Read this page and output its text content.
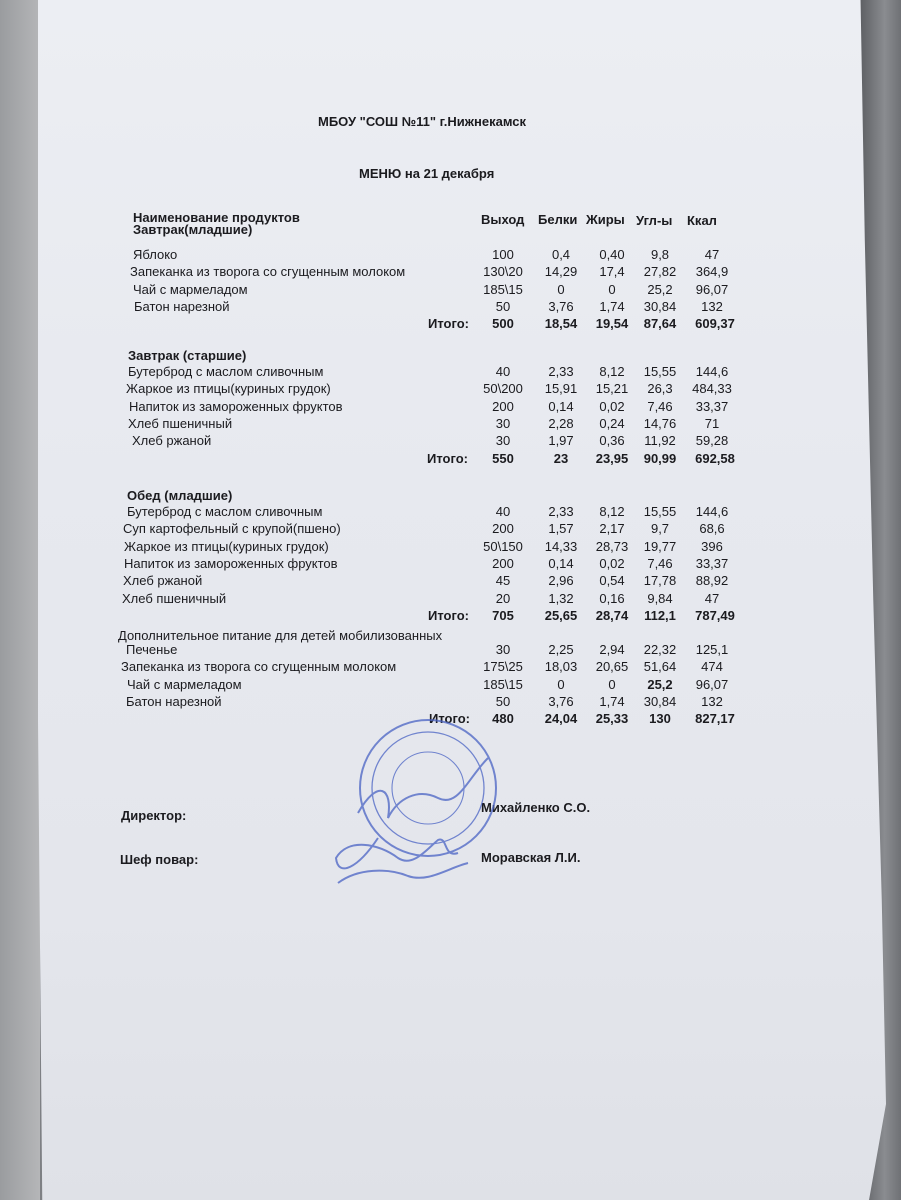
МБОУ "СОШ №11" г.Нижнекамск
МЕНЮ на 21 декабря
Наименование продуктов	Выход Белки Жиры Угл-ы Ккал
Завтрак(младшие)
Яблоко	100	0,4 0,40 9,8	47
Запеканка из творога со сгущенным молоком	130\20 14,29 17,4 27,82 364,9
Чай с мармеладом	185\15	0	0 25,2 96,07
Батон нарезной	50	3,76 1,74 30,84 132
Итого: 500 18,54 19,54 87,64 609,37
Завтрак (старшие)
Бутерброд с маслом сливочным	40	2,33 8,12 15,55 144,6
Жаркое из птицы(куриных грудок)	50\200 15,91 15,21 26,3 484,33
Напиток из замороженных фруктов	200	0,14 0,02 7,46 33,37
Хлеб пшеничный	30	2,28 0,24 14,76 71
Хлеб ржаной	30	1,97 0,36 11,92 59,28
Итого: 550	23 23,95 90,99 692,58
Обед (младшие)
Бутерброд с маслом сливочным	40	2,33 8,12 15,55 144,6
Суп картофельный с крупой(пшено)	200	1,57 2,17 9,7 68,6
Жаркое из птицы(куриных грудок)	50\150 14,33 28,73 19,77 396
Напиток из замороженных фруктов	200	0,14 0,02 7,46 33,37
Хлеб ржаной	45	2,96 0,54 17,78 88,92
Хлеб пшеничный	20	1,32 0,16 9,84 47
Итого: 705 25,65 28,74 112,1 787,49
Дополнительное питание для детей мобилизованных
Печенье	30	2,25 2,94 22,32 125,1
Запеканка из творога со сгущенным молоком	175\25 18,03 20,65 51,64 474
Чай с мармеладом	185\15	0	0 25,2 96,07
Батон нарезной	50	3,76 1,74 30,84 132
Итого: 480 24,04 25,33 130 827,17
Директор:
Михайленко С.О.
Шеф повар:	Моравская Л.И.
